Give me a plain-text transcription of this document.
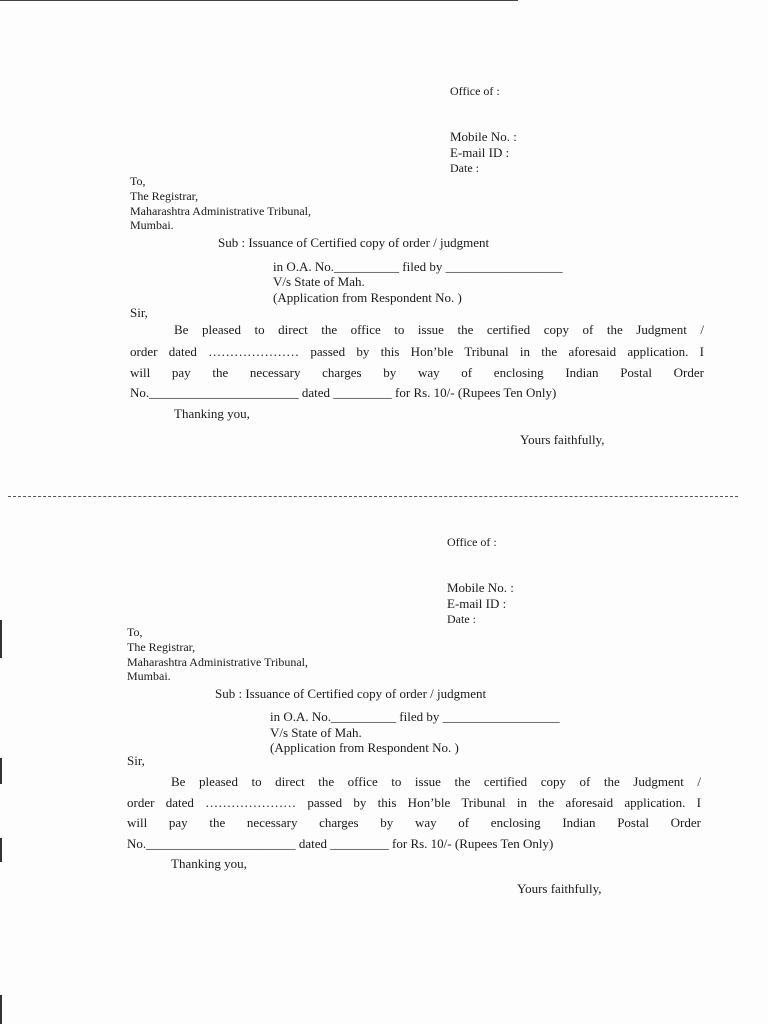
Office of :
Mobile No. :
E-mail ID :
Date :
To,
The Registrar,
Maharashtra Administrative Tribunal,
Mumbai.
Sub : Issuance of Certified copy of order / judgment
in O.A. No.__________ filed by __________________
V/s State of Mah.
(Application from Respondent No. )
Sir,
Be pleased to direct the office to issue the certified copy of the Judgment /
order dated ………………… passed by this Hon’ble Tribunal in the aforesaid application. I
will pay the necessary charges by way of enclosing Indian Postal Order
No._______________________ dated _________ for Rs. 10/- (Rupees Ten Only)
Thanking you,
Yours faithfully,
Office of :
Mobile No. :
E-mail ID :
Date :
To,
The Registrar,
Maharashtra Administrative Tribunal,
Mumbai.
Sub : Issuance of Certified copy of order / judgment
in O.A. No.__________ filed by __________________
V/s State of Mah.
(Application from Respondent No. )
Sir,
Be pleased to direct the office to issue the certified copy of the Judgment /
order dated ………………… passed by this Hon’ble Tribunal in the aforesaid application. I
will pay the necessary charges by way of enclosing Indian Postal Order
No._______________________ dated _________ for Rs. 10/- (Rupees Ten Only)
Thanking you,
Yours faithfully,
